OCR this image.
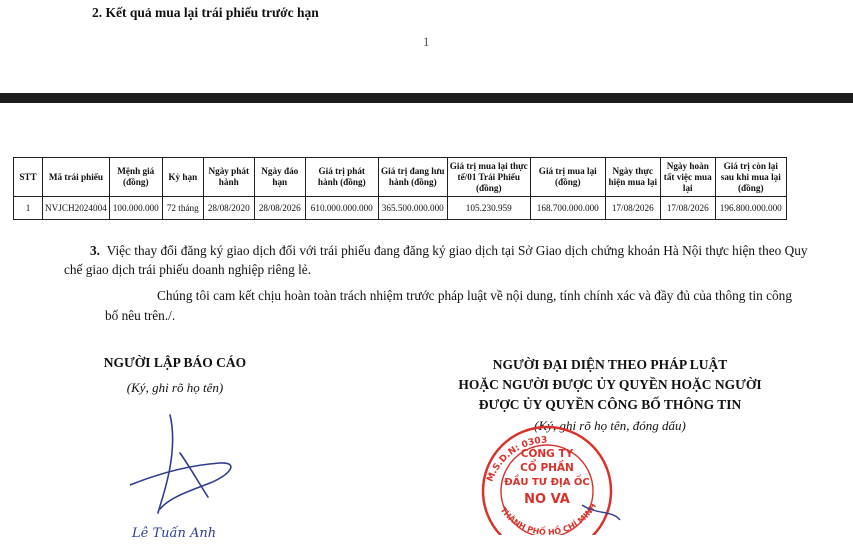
2. Kết quả mua lại trái phiếu trước hạn
1
STT	Mã trái phiếu	Mệnh giá (đồng)	Kỳ hạn	Ngày phát hành	Ngày đáo hạn	Giá trị phát hành (đồng)	Giá trị đang lưu hành (đồng)	Giá trị mua lại thực tế/01 Trái Phiếu (đồng)	Giá trị mua lại (đồng)	Ngày thực hiện mua lại	Ngày hoàn tất việc mua lại	Giá trị còn lại sau khi mua lại (đồng)
1	NVJCH2024004	100.000.000	72 tháng	28/08/2020	28/08/2026	610.000.000.000	365.500.000.000	105.230.959	168.700.000.000	17/08/2026	17/08/2026	196.800.000.000
3. Việc thay đổi đăng ký giao dịch đối với trái phiếu đang đăng ký giao dịch tại Sở Giao dịch chứng khoán Hà Nội thực hiện theo Quy
chế giao dịch trái phiếu doanh nghiệp riêng lẻ.
Chúng tôi cam kết chịu hoàn toàn trách nhiệm trước pháp luật về nội dung, tính chính xác và đầy đủ của thông tin công
bố nêu trên./.
NGƯỜI LẬP BÁO CÁO
(Ký, ghi rõ họ tên)
NGƯỜI ĐẠI DIỆN THEO PHÁP LUẬT
HOẶC NGƯỜI ĐƯỢC ỦY QUYỀN HOẶC NGƯỜI
ĐƯỢC ỦY QUYỀN CÔNG BỐ THÔNG TIN
(Ký, ghi rõ họ tên, đóng dấu)
Lê Tuấn Anh
M.S.D.N: 0303
THÀNH PHỐ HỒ CHÍ MINH
CÔNG TY
CỔ PHẦN
ĐẦU TƯ ĐỊA ỐC
NO VA
